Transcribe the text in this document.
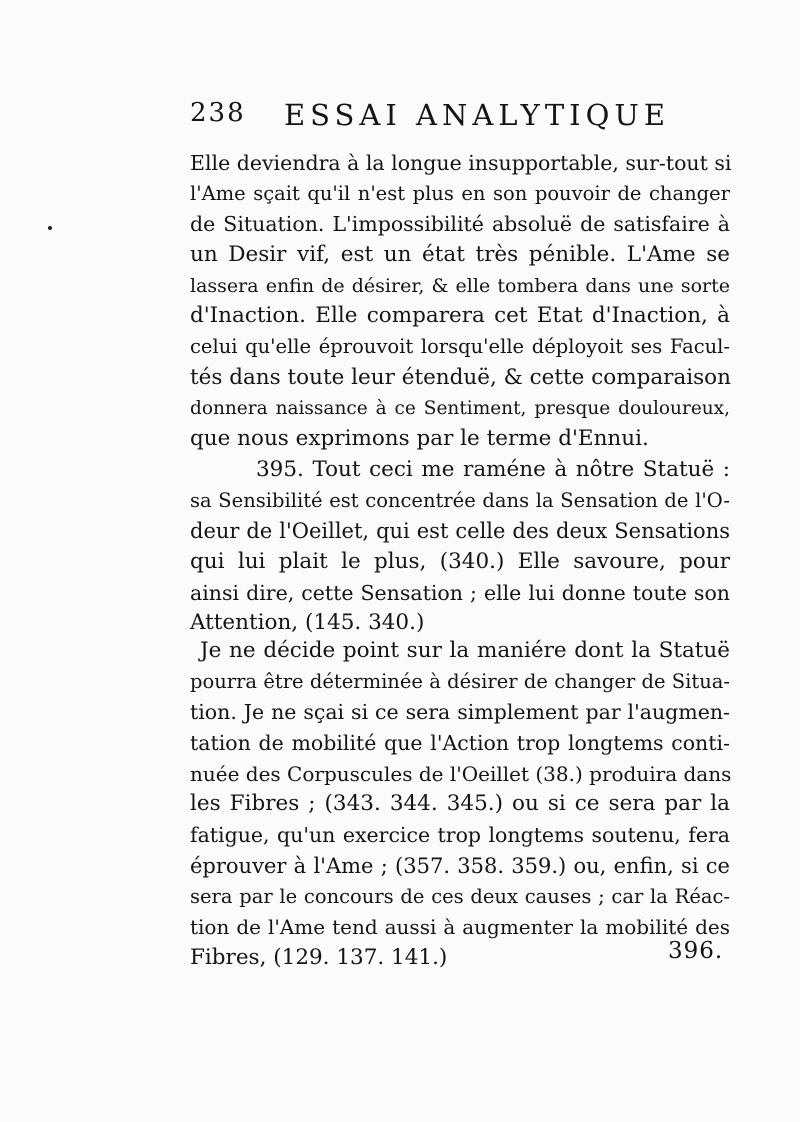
238 ESSAI ANALYTIQUE
Elle deviendra à la longue insupportable, sur-tout si
l'Ame sçait qu'il n'est plus en son pouvoir de changer
de Situation. L'impossibilité absoluë de satisfaire à
un Desir vif, est un état très pénible. L'Ame se
lassera enfin de désirer, & elle tombera dans une sorte
d'Inaction. Elle comparera cet Etat d'Inaction, à
celui qu'elle éprouvoit lorsqu'elle déployoit ses Facul-
tés dans toute leur étenduë, & cette comparaison
donnera naissance à ce Sentiment, presque douloureux,
que nous exprimons par le terme d'Ennui.
395. Tout ceci me raméne à nôtre Statuë :
sa Sensibilité est concentrée dans la Sensation de l'O-
deur de l'Oeillet, qui est celle des deux Sensations
qui lui plait le plus, (340.) Elle savoure, pour
ainsi dire, cette Sensation ; elle lui donne toute son
Attention, (145. 340.)
Je ne décide point sur la maniére dont la Statuë
pourra être déterminée à désirer de changer de Situa-
tion. Je ne sçai si ce sera simplement par l'augmen-
tation de mobilité que l'Action trop longtems conti-
nuée des Corpuscules de l'Oeillet (38.) produira dans
les Fibres ; (343. 344. 345.) ou si ce sera par la
fatigue, qu'un exercice trop longtems soutenu, fera
éprouver à l'Ame ; (357. 358. 359.) ou, enfin, si ce
sera par le concours de ces deux causes ; car la Réac-
tion de l'Ame tend aussi à augmenter la mobilité des
Fibres, (129. 137. 141.)	396.
